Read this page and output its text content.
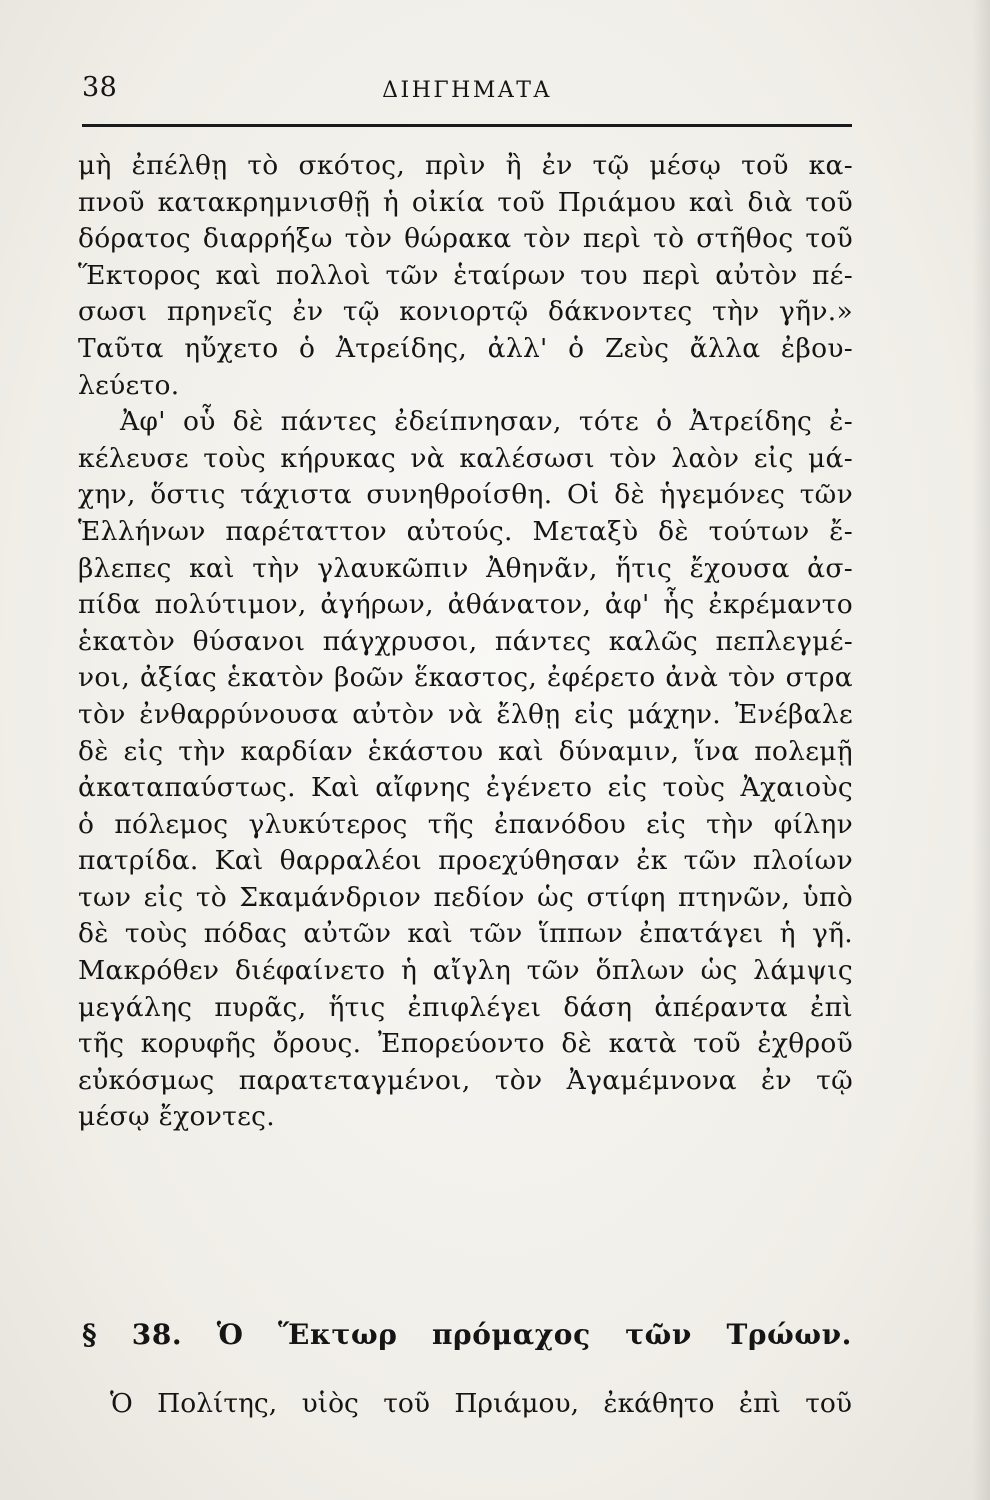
38	ΔΙΗΓΗΜΑΤΑ
μὴ ἐπέλθῃ τὸ σκότος, πρὶν ἢ ἐν τῷ μέσῳ τοῦ κα-
πνοῦ κατακρημνισθῇ ἡ οἰκία τοῦ Πριάμου καὶ διὰ τοῦ
δόρατος διαρρήξω τὸν θώρακα τὸν περὶ τὸ στῆθος τοῦ
Ἕκτορος καὶ πολλοὶ τῶν ἑταίρων του περὶ αὐτὸν πέ-
σωσι πρηνεῖς ἐν τῷ κονιορτῷ δάκνοντες τὴν γῆν.»
Ταῦτα ηὔχετο ὁ Ἀτρείδης, ἀλλ' ὁ Ζεὺς ἄλλα ἐβου-
λεύετο.
Ἀφ' οὗ δὲ πάντες ἐδείπνησαν, τότε ὁ Ἀτρείδης ἐ-
κέλευσε τοὺς κήρυκας νὰ καλέσωσι τὸν λαὸν εἰς μά-
χην, ὅστις τάχιστα συνηθροίσθη. Οἱ δὲ ἡγεμόνες τῶν
Ἑλλήνων παρέταττον αὐτούς. Μεταξὺ δὲ τούτων ἔ-
βλεπες καὶ τὴν γλαυκῶπιν Ἀθηνᾶν, ἥτις ἔχουσα ἀσ-
πίδα πολύτιμον, ἀγήρων, ἀθάνατον, ἀφ' ἧς ἐκρέμαντο
ἑκατὸν θύσανοι πάγχρυσοι, πάντες καλῶς πεπλεγμέ-
νοι, ἀξίας ἑκατὸν βοῶν ἕκαστος, ἐφέρετο ἀνὰ τὸν στρα
τὸν ἐνθαρρύνουσα αὐτὸν νὰ ἔλθῃ εἰς μάχην. Ἐνέβαλε
δὲ εἰς τὴν καρδίαν ἑκάστου καὶ δύναμιν, ἵνα πολεμῇ
ἀκαταπαύστως. Καὶ αἴφνης ἐγένετο εἰς τοὺς Ἀχαιοὺς
ὁ πόλεμος γλυκύτερος τῆς ἐπανόδου εἰς τὴν φίλην
πατρίδα. Καὶ θαρραλέοι προεχύθησαν ἐκ τῶν πλοίων
των εἰς τὸ Σκαμάνδριον πεδίον ὡς στίφη πτηνῶν, ὑπὸ
δὲ τοὺς πόδας αὐτῶν καὶ τῶν ἵππων ἐπατάγει ἡ γῆ.
Μακρόθεν διέφαίνετο ἡ αἴγλη τῶν ὅπλων ὡς λάμψις
μεγάλης πυρᾶς, ἥτις ἐπιφλέγει δάση ἀπέραντα ἐπὶ
τῆς κορυφῆς ὄρους. Ἐπορεύοντο δὲ κατὰ τοῦ ἐχθροῦ
εὐκόσμως παρατεταγμένοι, τὸν Ἀγαμέμνονα ἐν τῷ
μέσῳ ἔχοντες.
§ 38. Ὁ Ἕκτωρ πρόμαχος τῶν Τρώων.
Ὁ Πολίτης, υἱὸς τοῦ Πριάμου, ἐκάθητο ἐπὶ τοῦ
